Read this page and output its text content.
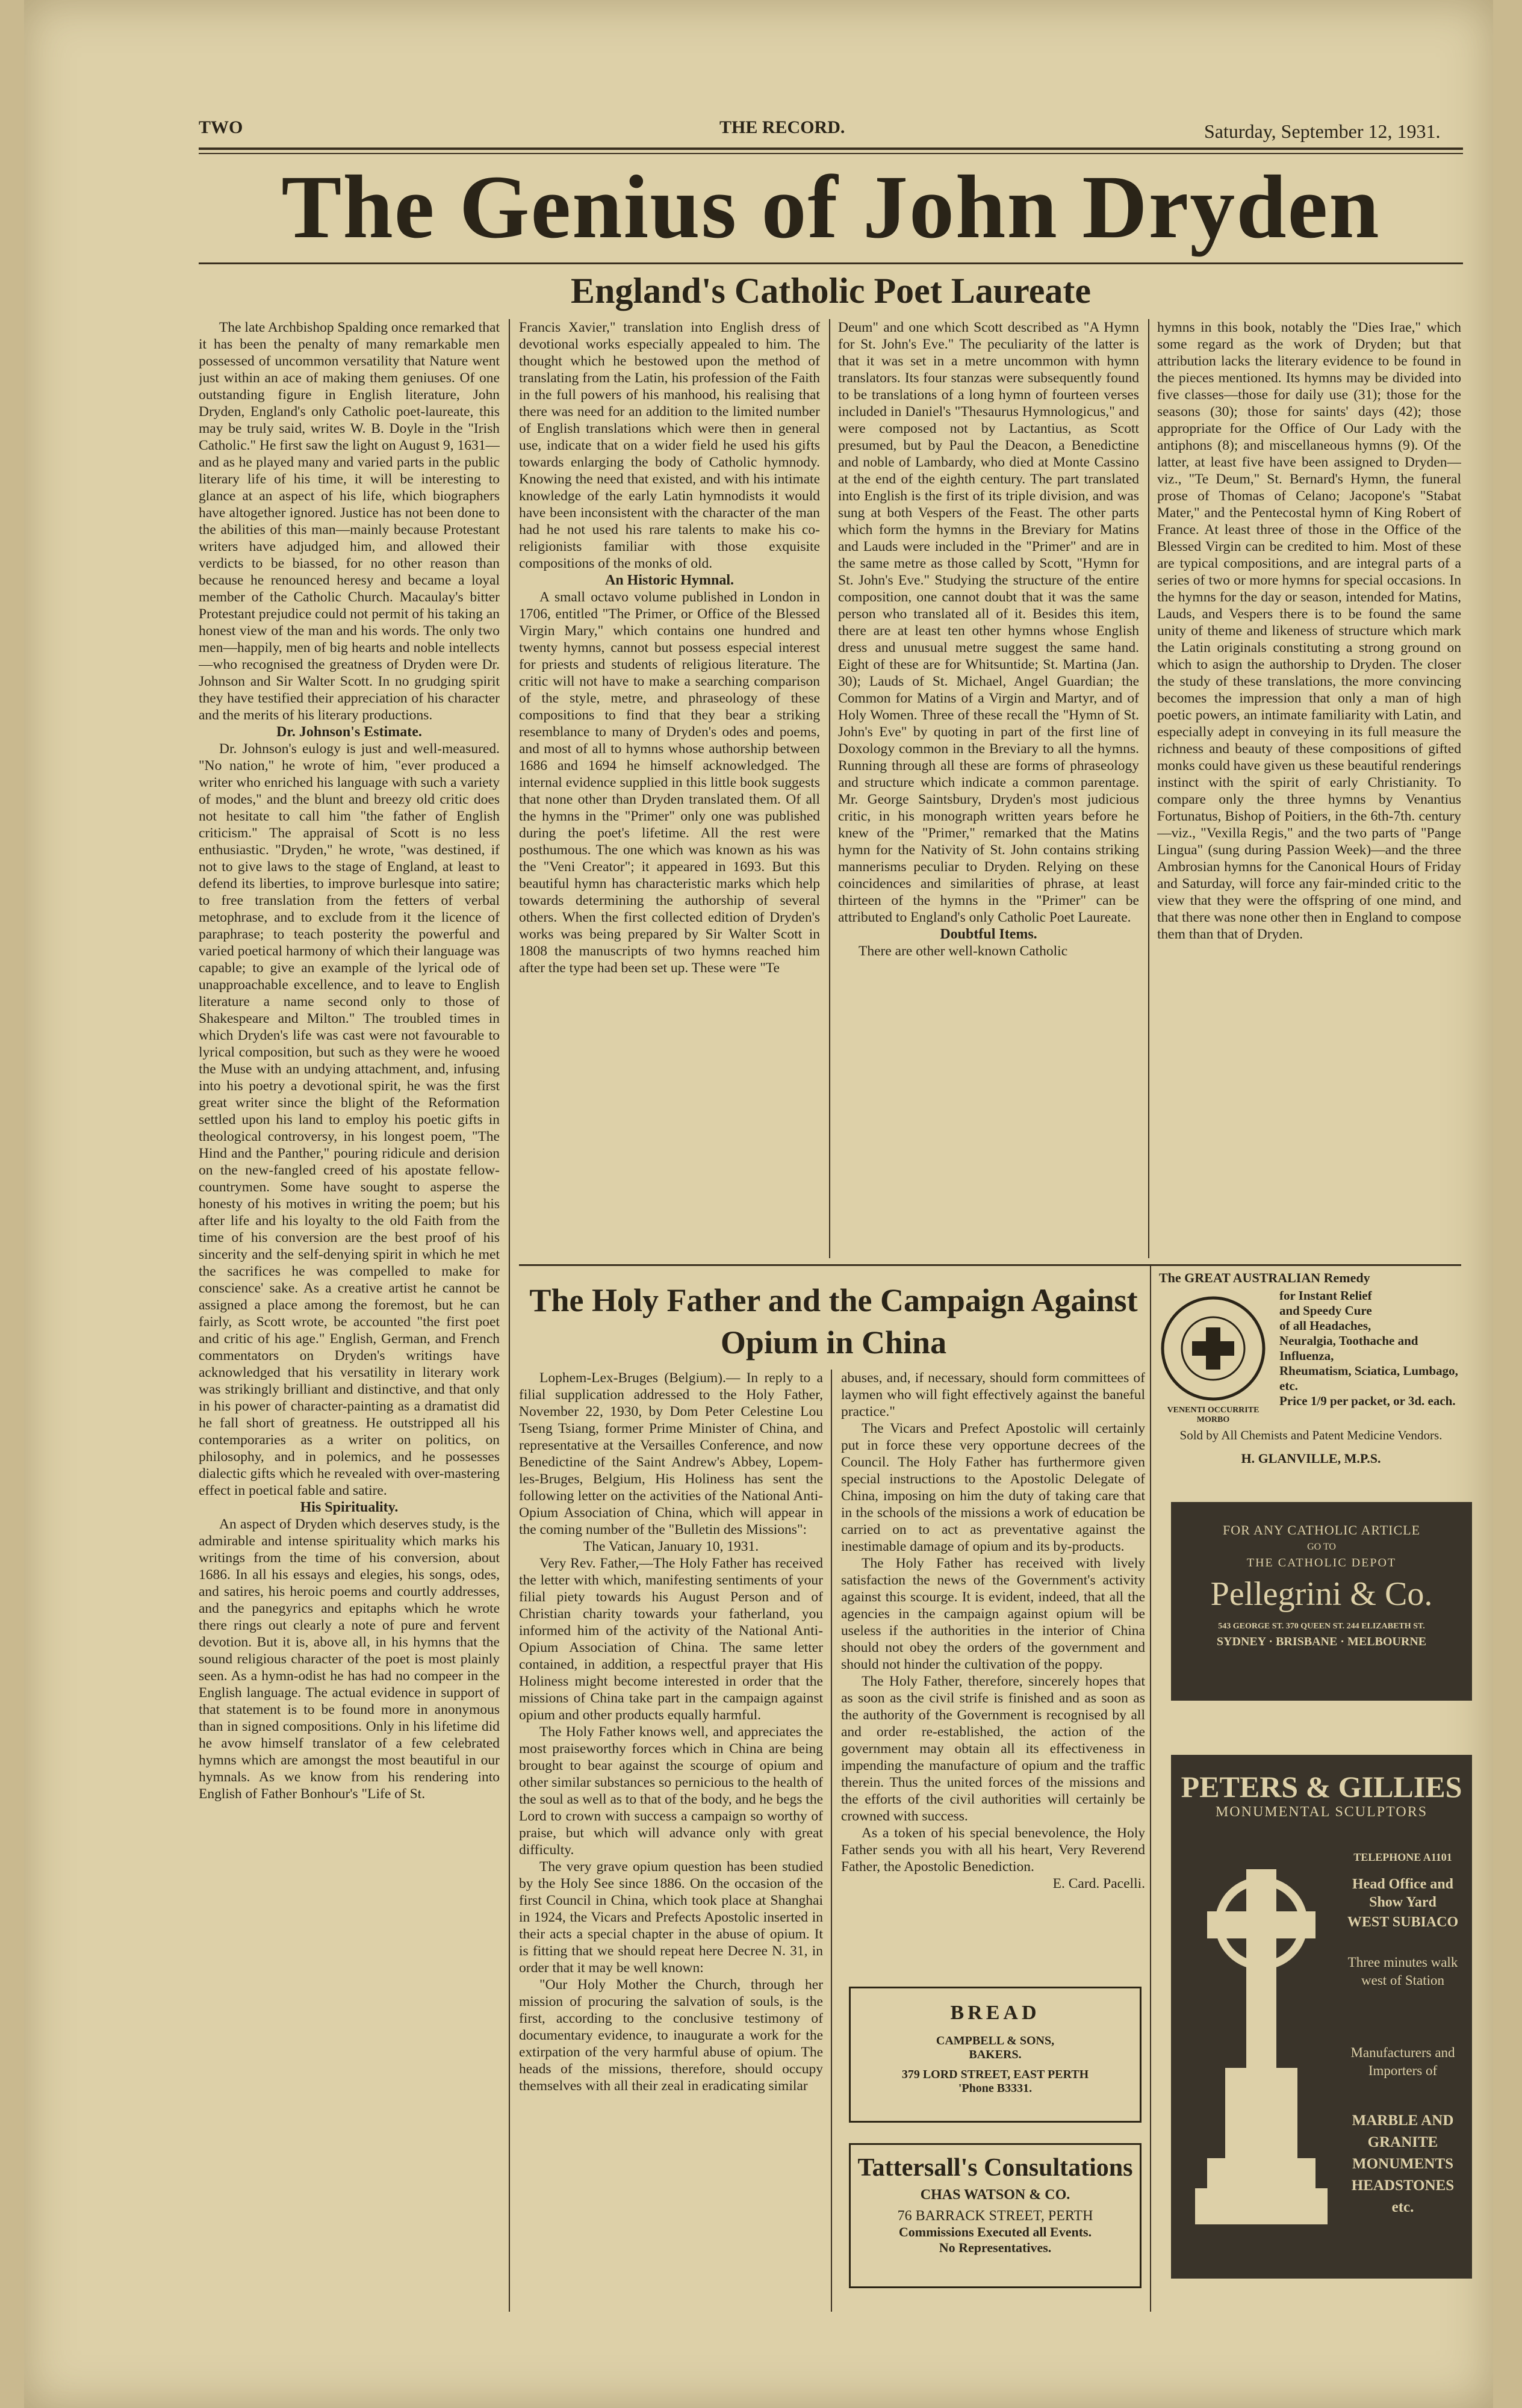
TWO	THE RECORD.	Saturday, September 12, 1931.
The Genius of John Dryden
England's Catholic Poet Laureate

The late Archbishop Spalding once remarked that it has been the penalty of many remarkable men possessed of uncommon versatility that Nature went just within an ace of making them geniuses. Of one outstanding figure in English literature, John Dryden, England's only Catholic poet-laureate, this may be truly said, writes W. B. Doyle in the "Irish Catholic." He first saw the light on August 9, 1631—and as he played many and varied parts in the public literary life of his time, it will be interesting to glance at an aspect of his life, which biographers have altogether ignored. Justice has not been done to the abilities of this man—mainly because Protestant writers have adjudged him, and allowed their verdicts to be biassed, for no other reason than because he renounced heresy and became a loyal member of the Catholic Church. Macaulay's bitter Protestant prejudice could not permit of his taking an honest view of the man and his words. The only two men—happily, men of big hearts and noble intellects—who recognised the greatness of Dryden were Dr. Johnson and Sir Walter Scott. In no grudging spirit they have testified their appreciation of his character and the merits of his literary productions.

Dr. Johnson's Estimate.

Dr. Johnson's eulogy is just and well-measured. "No nation," he wrote of him, "ever produced a writer who enriched his language with such a variety of modes," and the blunt and breezy old critic does not hesitate to call him "the father of English criticism." The appraisal of Scott is no less enthusiastic. "Dryden," he wrote, "was destined, if not to give laws to the stage of England, at least to defend its liberties, to improve burlesque into satire; to free translation from the fetters of verbal metophrase, and to exclude from it the licence of paraphrase; to teach posterity the powerful and varied poetical harmony of which their language was capable; to give an example of the lyrical ode of unapproachable excellence, and to leave to English literature a name second only to those of Shakespeare and Milton." The troubled times in which Dryden's life was cast were not favourable to lyrical composition, but such as they were he wooed the Muse with an undying attachment, and, infusing into his poetry a devotional spirit, he was the first great writer since the blight of the Reformation settled upon his land to employ his poetic gifts in theological controversy, in his longest poem, "The Hind and the Panther," pouring ridicule and derision on the new-fangled creed of his apostate fellow-countrymen. Some have sought to asperse the honesty of his motives in writing the poem; but his after life and his loyalty to the old Faith from the time of his conversion are the best proof of his sincerity and the self-denying spirit in which he met the sacrifices he was compelled to make for conscience' sake. As a creative artist he cannot be assigned a place among the foremost, but he can fairly, as Scott wrote, be accounted "the first poet and critic of his age." English, German, and French commentators on Dryden's writings have acknowledged that his versatility in literary work was strikingly brilliant and distinctive, and that only in his power of character-painting as a dramatist did he fall short of greatness. He outstripped all his contemporaries as a writer on politics, on philosophy, and in polemics, and he possesses dialectic gifts which he revealed with over-mastering effect in poetical fable and satire.

His Spirituality.

An aspect of Dryden which deserves study, is the admirable and intense spirituality which marks his writings from the time of his conversion, about 1686. In all his essays and elegies, his songs, odes, and satires, his heroic poems and courtly addresses, and the panegyrics and epitaphs which he wrote there rings out clearly a note of pure and fervent devotion. But it is, above all, in his hymns that the sound religious character of the poet is most plainly seen. As a hymn-odist he has had no compeer in the English language. The actual evidence in support of that statement is to be found more in anonymous than in signed compositions. Only in his lifetime did he avow himself translator of a few celebrated hymns which are amongst the most beautiful in our hymnals. As we know from his rendering into English of Father Bonhour's "Life of St.

Francis Xavier," translation into English dress of devotional works especially appealed to him. The thought which he bestowed upon the method of translating from the Latin, his profession of the Faith in the full powers of his manhood, his realising that there was need for an addition to the limited number of English translations which were then in general use, indicate that on a wider field he used his gifts towards enlarging the body of Catholic hymnody. Knowing the need that existed, and with his intimate knowledge of the early Latin hymnodists it would have been inconsistent with the character of the man had he not used his rare talents to make his co-religionists familiar with those exquisite compositions of the monks of old.

An Historic Hymnal.

A small octavo volume published in London in 1706, entitled "The Primer, or Office of the Blessed Virgin Mary," which contains one hundred and twenty hymns, cannot but possess especial interest for priests and students of religious literature. The critic will not have to make a searching comparison of the style, metre, and phraseology of these compositions to find that they bear a striking resemblance to many of Dryden's odes and poems, and most of all to hymns whose authorship between 1686 and 1694 he himself acknowledged. The internal evidence supplied in this little book suggests that none other than Dryden translated them. Of all the hymns in the "Primer" only one was published during the poet's lifetime. All the rest were posthumous. The one which was known as his was the "Veni Creator"; it appeared in 1693. But this beautiful hymn has characteristic marks which help towards determining the authorship of several others. When the first collected edition of Dryden's works was being prepared by Sir Walter Scott in 1808 the manuscripts of two hymns reached him after the type had been set up. These were "Te

Deum" and one which Scott described as "A Hymn for St. John's Eve." The peculiarity of the latter is that it was set in a metre uncommon with hymn translators. Its four stanzas were subsequently found to be translations of a long hymn of fourteen verses included in Daniel's "Thesaurus Hymnologicus," and were composed not by Lactantius, as Scott presumed, but by Paul the Deacon, a Benedictine and noble of Lambardy, who died at Monte Cassino at the end of the eighth century. The part translated into English is the first of its triple division, and was sung at both Vespers of the Feast. The other parts which form the hymns in the Breviary for Matins and Lauds were included in the "Primer" and are in the same metre as those called by Scott, "Hymn for St. John's Eve." Studying the structure of the entire composition, one cannot doubt that it was the same person who translated all of it. Besides this item, there are at least ten other hymns whose English dress and unusual metre suggest the same hand. Eight of these are for Whitsuntide; St. Martina (Jan. 30); Lauds of St. Michael, Angel Guardian; the Common for Matins of a Virgin and Martyr, and of Holy Women. Three of these recall the "Hymn of St. John's Eve" by quoting in part of the first line of Doxology common in the Breviary to all the hymns. Running through all these are forms of phraseology and structure which indicate a common parentage. Mr. George Saintsbury, Dryden's most judicious critic, in his monograph written years before he knew of the "Primer," remarked that the Matins hymn for the Nativity of St. John contains striking mannerisms peculiar to Dryden. Relying on these coincidences and similarities of phrase, at least thirteen of the hymns in the "Primer" can be attributed to England's only Catholic Poet Laureate.

Doubtful Items.

There are other well-known Catholic

hymns in this book, notably the "Dies Irae," which some regard as the work of Dryden; but that attribution lacks the literary evidence to be found in the pieces mentioned. Its hymns may be divided into five classes—those for daily use (31); those for the seasons (30); those for saints' days (42); those appropriate for the Office of Our Lady with the antiphons (8); and miscellaneous hymns (9). Of the latter, at least five have been assigned to Dryden—viz., "Te Deum," St. Bernard's Hymn, the funeral prose of Thomas of Celano; Jacopone's "Stabat Mater," and the Pentecostal hymn of King Robert of France. At least three of those in the Office of the Blessed Virgin can be credited to him. Most of these are typical compositions, and are integral parts of a series of two or more hymns for special occasions. In the hymns for the day or season, intended for Matins, Lauds, and Vespers there is to be found the same unity of theme and likeness of structure which mark the Latin originals constituting a strong ground on which to asign the authorship to Dryden. The closer the study of these translations, the more convincing becomes the impression that only a man of high poetic powers, an intimate familiarity with Latin, and especially adept in conveying in its full measure the richness and beauty of these compositions of gifted monks could have given us these beautiful renderings instinct with the spirit of early Christianity. To compare only the three hymns by Venantius Fortunatus, Bishop of Poitiers, in the 6th-7th. century—viz., "Vexilla Regis," and the two parts of "Pange Lingua" (sung during Passion Week)—and the three Ambrosian hymns for the Canonical Hours of Friday and Saturday, will force any fair-minded critic to the view that they were the offspring of one mind, and that there was none other then in England to compose them than that of Dryden.

The Holy Father and the Campaign Against
Opium in China

Lophem-Lex-Bruges (Belgium).— In reply to a filial supplication addressed to the Holy Father, November 22, 1930, by Dom Peter Celestine Lou Tseng Tsiang, former Prime Minister of China, and representative at the Versailles Conference, and now Benedictine of the Saint Andrew's Abbey, Lopem-les-Bruges, Belgium, His Holiness has sent the following letter on the activities of the National Anti-Opium Association of China, which will appear in the coming number of the "Bulletin des Missions":

The Vatican, January 10, 1931.

Very Rev. Father,—The Holy Father has received the letter with which, manifesting sentiments of your filial piety towards his August Person and of Christian charity towards your fatherland, you informed him of the activity of the National Anti-Opium Association of China. The same letter contained, in addition, a respectful prayer that His Holiness might become interested in order that the missions of China take part in the campaign against opium and other products equally harmful.

The Holy Father knows well, and appreciates the most praiseworthy forces which in China are being brought to bear against the scourge of opium and other similar substances so pernicious to the health of the soul as well as to that of the body, and he begs the Lord to crown with success a campaign so worthy of praise, but which will advance only with great difficulty.

The very grave opium question has been studied by the Holy See since 1886. On the occasion of the first Council in China, which took place at Shanghai in 1924, the Vicars and Prefects Apostolic inserted in their acts a special chapter in the abuse of opium. It is fitting that we should repeat here Decree N. 31, in order that it may be well known:

"Our Holy Mother the Church, through her mission of procuring the salvation of souls, is the first, according to the conclusive testimony of documentary evidence, to inaugurate a work for the extirpation of the very harmful abuse of opium. The heads of the missions, therefore, should occupy themselves with all their zeal in eradicating similar

abuses, and, if necessary, should form committees of laymen who will fight effectively against the baneful practice."

The Vicars and Prefect Apostolic will certainly put in force these very opportune decrees of the Council. The Holy Father has furthermore given special instructions to the Apostolic Delegate of China, imposing on him the duty of taking care that in the schools of the missions a work of education be carried on to act as preventative against the inestimable damage of opium and its by-products.

The Holy Father has received with lively satisfaction the news of the Government's activity against this scourge. It is evident, indeed, that all the agencies in the campaign against opium will be useless if the authorities in the interior of China should not obey the orders of the government and should not hinder the cultivation of the poppy.

The Holy Father, therefore, sincerely hopes that as soon as the civil strife is finished and as soon as the authority of the Government is recognised by all and order re-established, the action of the government may obtain all its effectiveness in impending the manufacture of opium and the traffic therein. Thus the united forces of the missions and the efforts of the civil authorities will certainly be crowned with success.

As a token of his special benevolence, the Holy Father sends you with all his heart, Very Reverend Father, the Apostolic Benediction.

E. Card. Pacelli.

BREAD
CAMPBELL & SONS,
BAKERS.
379 LORD STREET, EAST PERTH
'Phone B3331.
Tattersall's Consultations
CHAS WATSON & CO.
76 BARRACK STREET, PERTH
Commissions Executed all Events.
No Representatives.
The GREAT AUSTRALIAN Remedy
VENENTI OCCURRITE MORBO
for Instant Relief
and Speedy Cure
of all Headaches,
Neuralgia, Toothache and Influenza,
Rheumatism, Sciatica, Lumbago,
etc.
Price 1/9 per packet, or 3d. each.
Sold by All Chemists and Patent Medicine Vendors.
H. GLANVILLE, M.P.S.
FOR ANY CATHOLIC ARTICLE
GO TO
THE CATHOLIC DEPOT
Pellegrini & Co.
543 GEORGE ST. 370 QUEEN ST. 244 ELIZABETH ST.
SYDNEY · BRISBANE · MELBOURNE
PETERS & GILLIES
MONUMENTAL SCULPTORS
TELEPHONE A1101
Head Office and Show Yard
WEST SUBIACO
Three minutes walk west of Station
Manufacturers and Importers of
MARBLE AND GRANITE MONUMENTS HEADSTONES etc.
